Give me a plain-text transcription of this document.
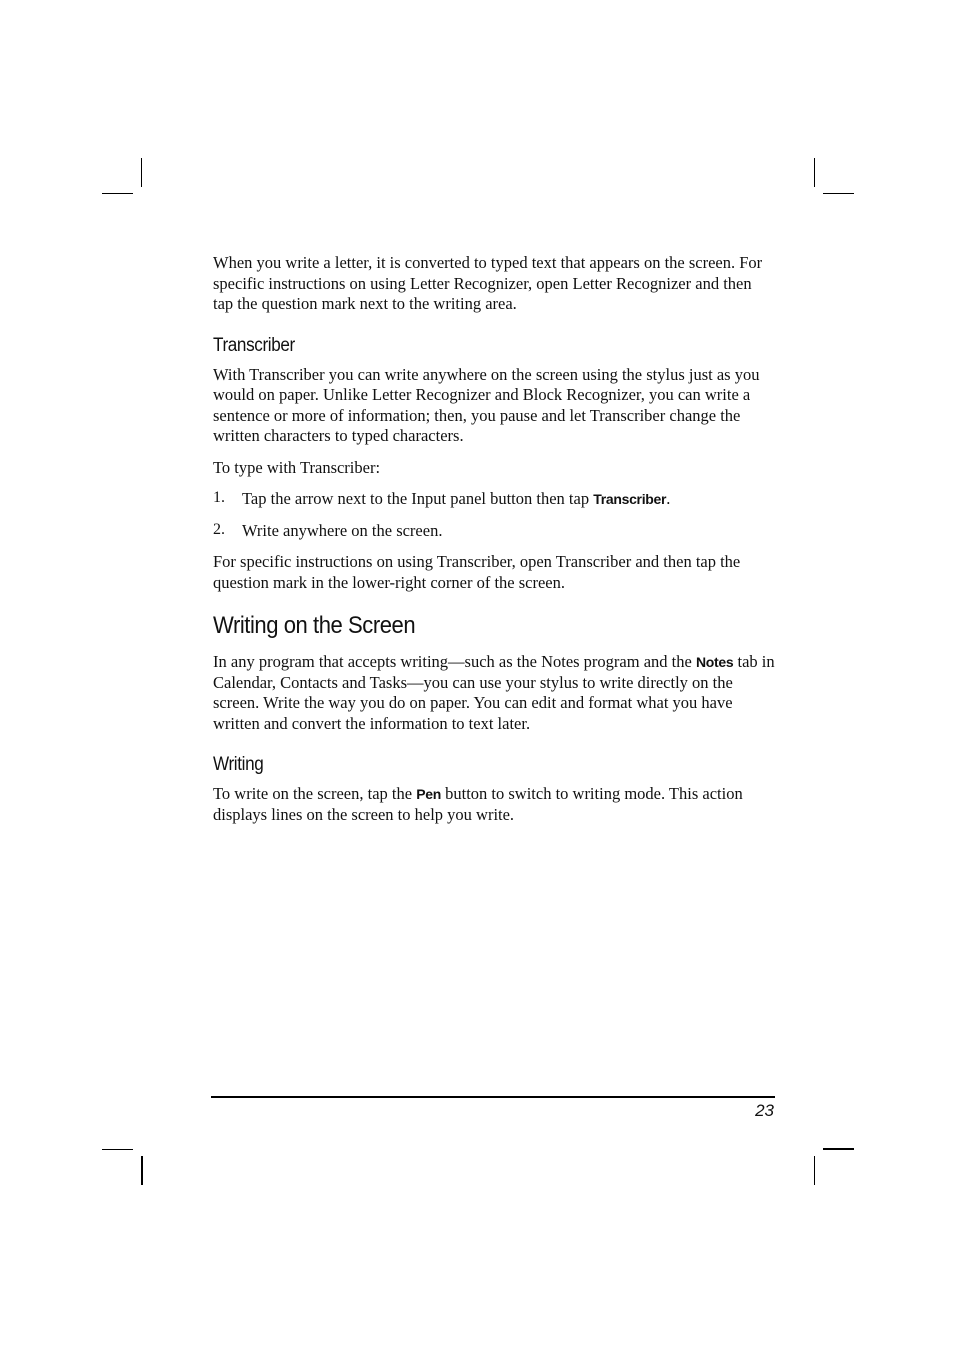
When you write a letter, it is converted to typed text that appears on the screen. For specific instructions on using Letter Recognizer, open Letter Recognizer and then tap the question mark next to the writing area.

Transcriber

With Transcriber you can write anywhere on the screen using the stylus just as you would on paper. Unlike Letter Recognizer and Block Recognizer, you can write a sentence or more of information; then, you pause and let Transcriber change the written characters to typed characters.

To type with Transcriber:

1.	Tap the arrow next to the Input panel button then tap Transcriber.

2.	Write anywhere on the screen.

For specific instructions on using Transcriber, open Transcriber and then tap the question mark in the lower-right corner of the screen.

Writing on the Screen

In any program that accepts writing—such as the Notes program and the Notes tab in Calendar, Contacts and Tasks—you can use your stylus to write directly on the screen. Write the way you do on paper. You can edit and format what you have written and convert the information to text later.

Writing

To write on the screen, tap the Pen button to switch to writing mode. This action displays lines on the screen to help you write.

23
